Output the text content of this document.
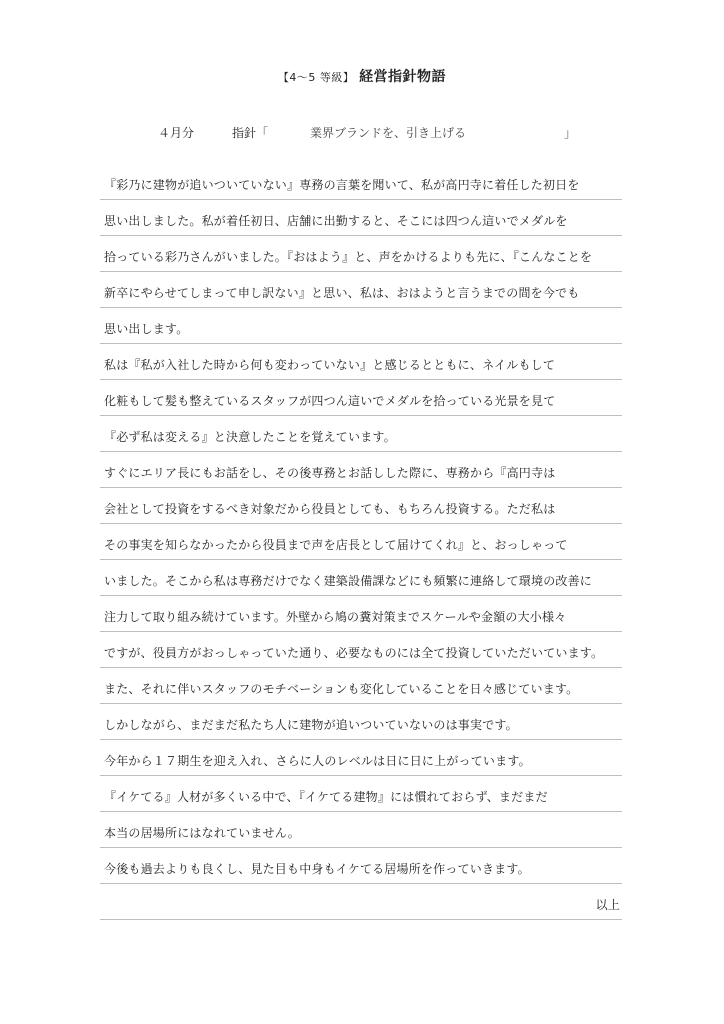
【4～5 等級】 経営指針物語
４月分	指針「	業界ブランドを、引き上げる	」
『彩乃に建物が追いついていない』専務の言葉を聞いて、私が高円寺に着任した初日を
思い出しました。私が着任初日、店舗に出勤すると、そこには四つん這いでメダルを
拾っている彩乃さんがいました。『おはよう』と、声をかけるよりも先に、『こんなことを
新卒にやらせてしまって申し訳ない』と思い、私は、おはようと言うまでの間を今でも
思い出します。
私は『私が入社した時から何も変わっていない』と感じるとともに、ネイルもして
化粧もして髪も整えているスタッフが四つん這いでメダルを拾っている光景を見て
『必ず私は変える』と決意したことを覚えています。
すぐにエリア長にもお話をし、その後専務とお話しした際に、専務から『高円寺は
会社として投資をするべき対象だから役員としても、もちろん投資する。ただ私は
その事実を知らなかったから役員まで声を店長として届けてくれ』と、おっしゃって
いました。そこから私は専務だけでなく建築設備課などにも頻繁に連絡して環境の改善に
注力して取り組み続けています。外壁から鳩の糞対策までスケールや金額の大小様々
ですが、役員方がおっしゃっていた通り、必要なものには全て投資していただいています。
また、それに伴いスタッフのモチベーションも変化していることを日々感じています。
しかしながら、まだまだ私たち人に建物が追いついていないのは事実です。
今年から１７期生を迎え入れ、さらに人のレベルは日に日に上がっています。
『イケてる』人材が多くいる中で、『イケてる建物』には慣れておらず、まだまだ
本当の居場所にはなれていません。
今後も過去よりも良くし、見た目も中身もイケてる居場所を作っていきます。
以上
